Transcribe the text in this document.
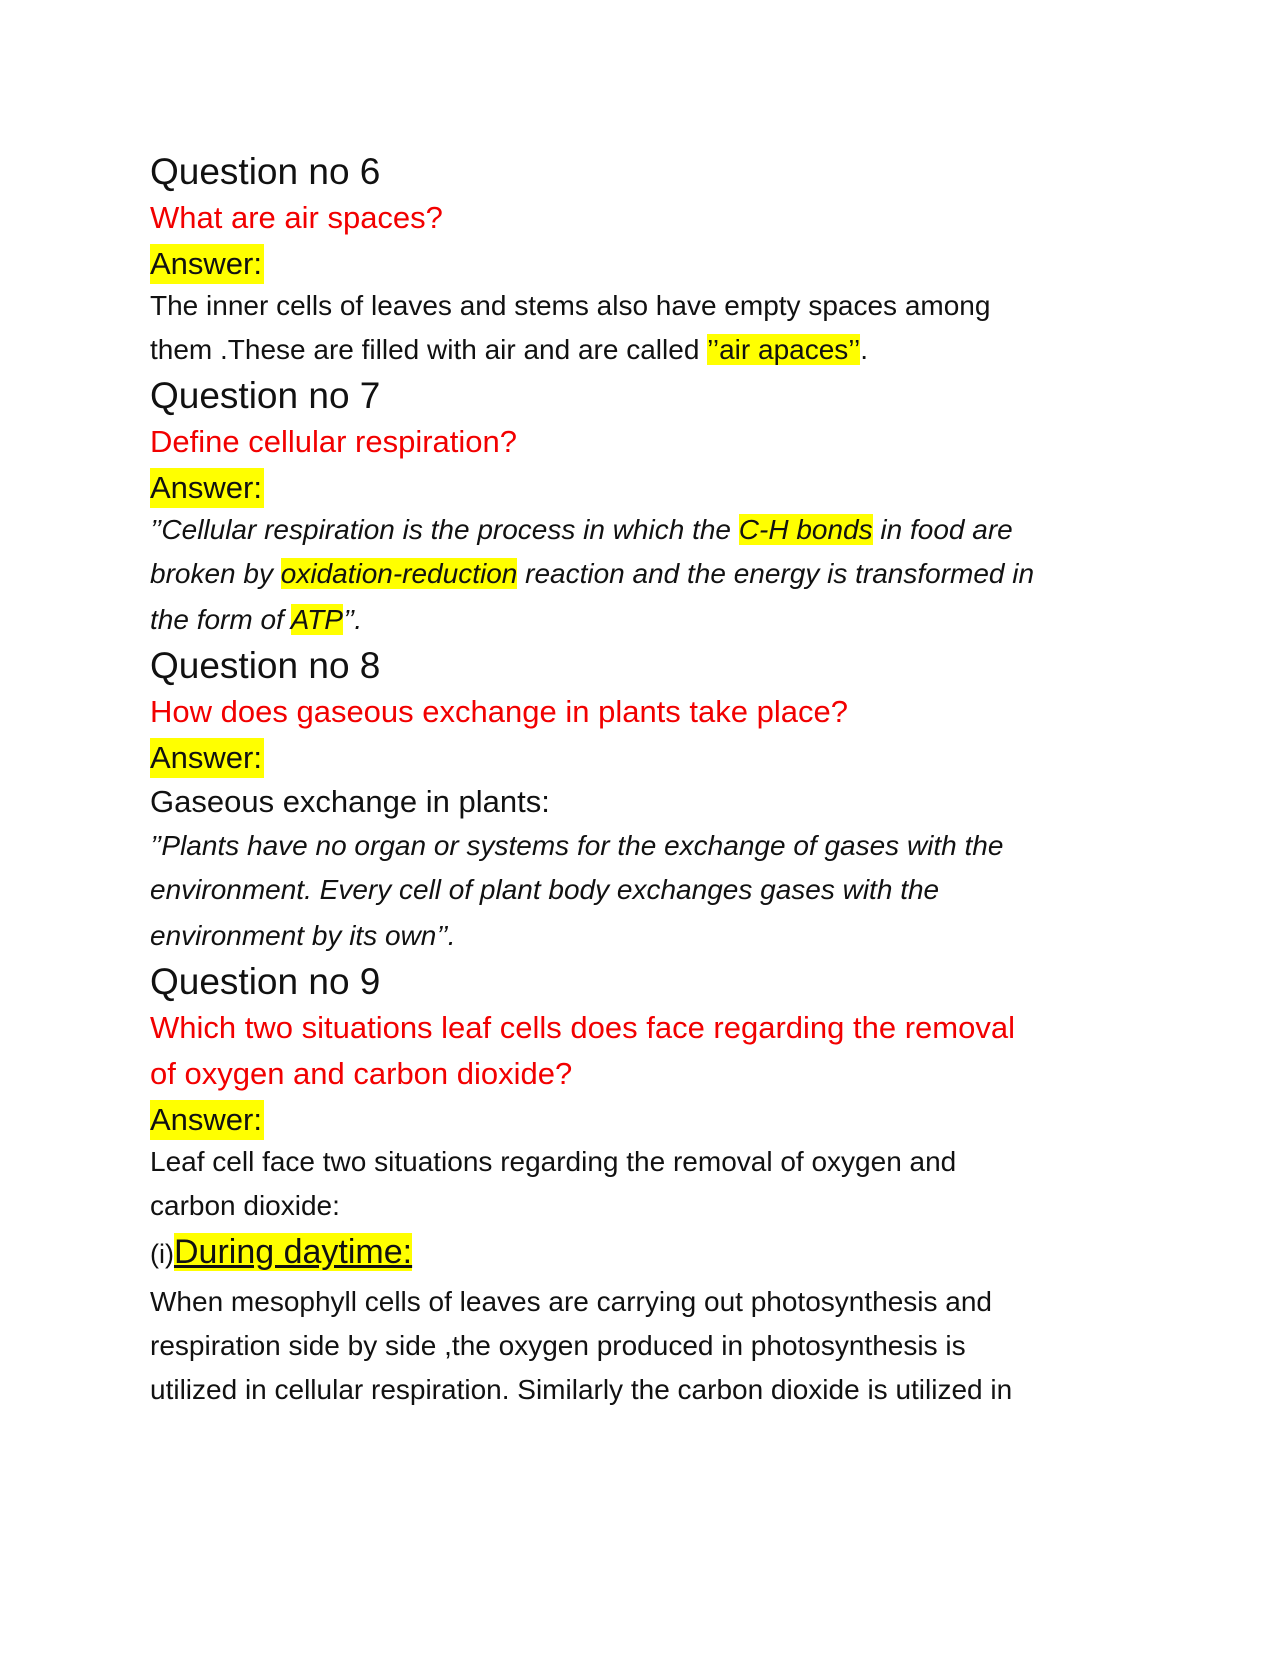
Question no 6
What are air spaces?
Answer:
The inner cells of leaves and stems also have empty spaces among
them .These are filled with air and are called ’’air apaces’’.
Question no 7
Define cellular respiration?
Answer:
’’Cellular respiration is the process in which the C-H bonds in food are
broken by oxidation-reduction reaction and the energy is transformed in
the form of ATP’’.
Question no 8
How does gaseous exchange in plants take place?
Answer:
Gaseous exchange in plants:
’’Plants have no organ or systems for the exchange of gases with the
environment. Every cell of plant body exchanges gases with the
environment by its own’’.
Question no 9
Which two situations leaf cells does face regarding the removal
of oxygen and carbon dioxide?
Answer:
Leaf cell face two situations regarding the removal of oxygen and
carbon dioxide:
(i)During daytime:
When mesophyll cells of leaves are carrying out photosynthesis and
respiration side by side ,the oxygen produced in photosynthesis is
utilized in cellular respiration. Similarly the carbon dioxide is utilized in
